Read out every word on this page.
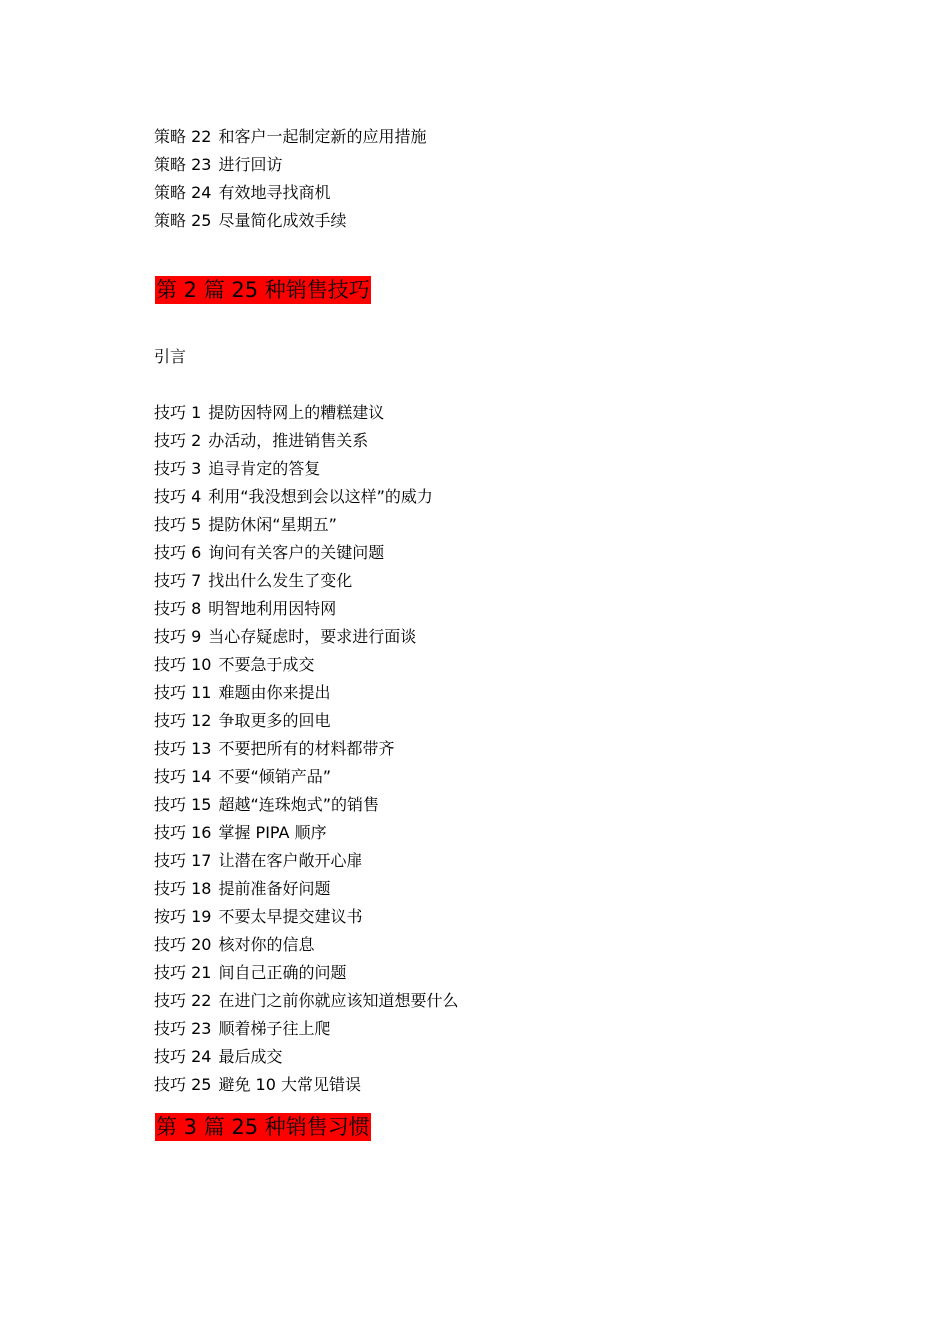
策略 22 和客户一起制定新的应用措施
策略 23 进行回访
策略 24 有效地寻找商机
策略 25 尽量简化成效手续
第 2 篇 25 种销售技巧
引言
技巧 1 提防因特网上的糟糕建议
技巧 2 办活动，推进销售关系
技巧 3 追寻肯定的答复
技巧 4 利用“我没想到会以这样”的威力
技巧 5 提防休闲“星期五”
技巧 6 询问有关客户的关键问题
技巧 7 找出什么发生了变化
技巧 8 明智地利用因特网
技巧 9 当心存疑虑时，要求进行面谈
技巧 10 不要急于成交
技巧 11 难题由你来提出
技巧 12 争取更多的回电
技巧 13 不要把所有的材料都带齐
技巧 14 不要“倾销产品”
技巧 15 超越“连珠炮式”的销售
技巧 16 掌握 PIPA 顺序
技巧 17 让潜在客户敞开心扉
技巧 18 提前准备好问题
按巧 19 不要太早提交建议书
技巧 20 核对你的信息
技巧 21 间自己正确的问题
技巧 22 在进门之前你就应该知道想要什么
技巧 23 顺着梯子往上爬
技巧 24 最后成交
技巧 25 避免 10 大常见错误
第 3 篇 25 种销售习惯
